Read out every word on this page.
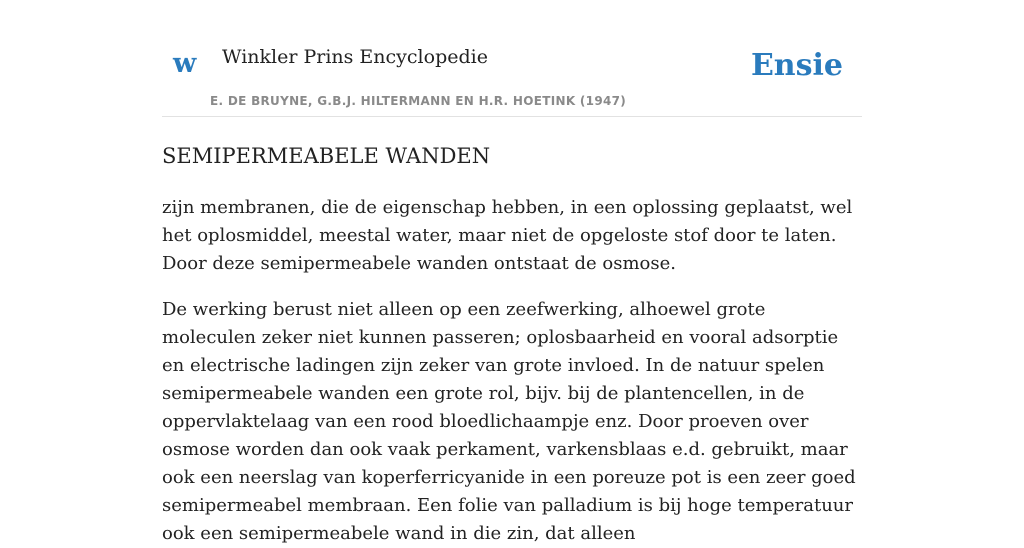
w Winkler Prins Encyclopedie
E. DE BRUYNE, G.B.J. HILTERMANN EN H.R. HOETINK (1947)
Ensie
SEMIPERMEABELE WANDEN

zijn membranen, die de eigenschap hebben, in een oplossing geplaatst, wel het oplosmiddel, meestal water, maar niet de opgeloste stof door te laten. Door deze semipermeabele wanden ontstaat de osmose.

De werking berust niet alleen op een zeefwerking, alhoewel grote moleculen zeker niet kunnen passeren; oplosbaarheid en vooral adsorptie en electrische ladingen zijn zeker van grote invloed. In de natuur spelen semipermeabele wanden een grote rol, bijv. bij de plantencellen, in de oppervlaktelaag van een rood bloedlichaampje enz. Door proeven over osmose worden dan ook vaak perkament, varkensblaas e.d. gebruikt, maar ook een neerslag van koperferricyanide in een poreuze pot is een zeer goed semipermeabel membraan. Een folie van palladium is bij hoge temperatuur ook een semipermeabele wand in die zin, dat alleen
